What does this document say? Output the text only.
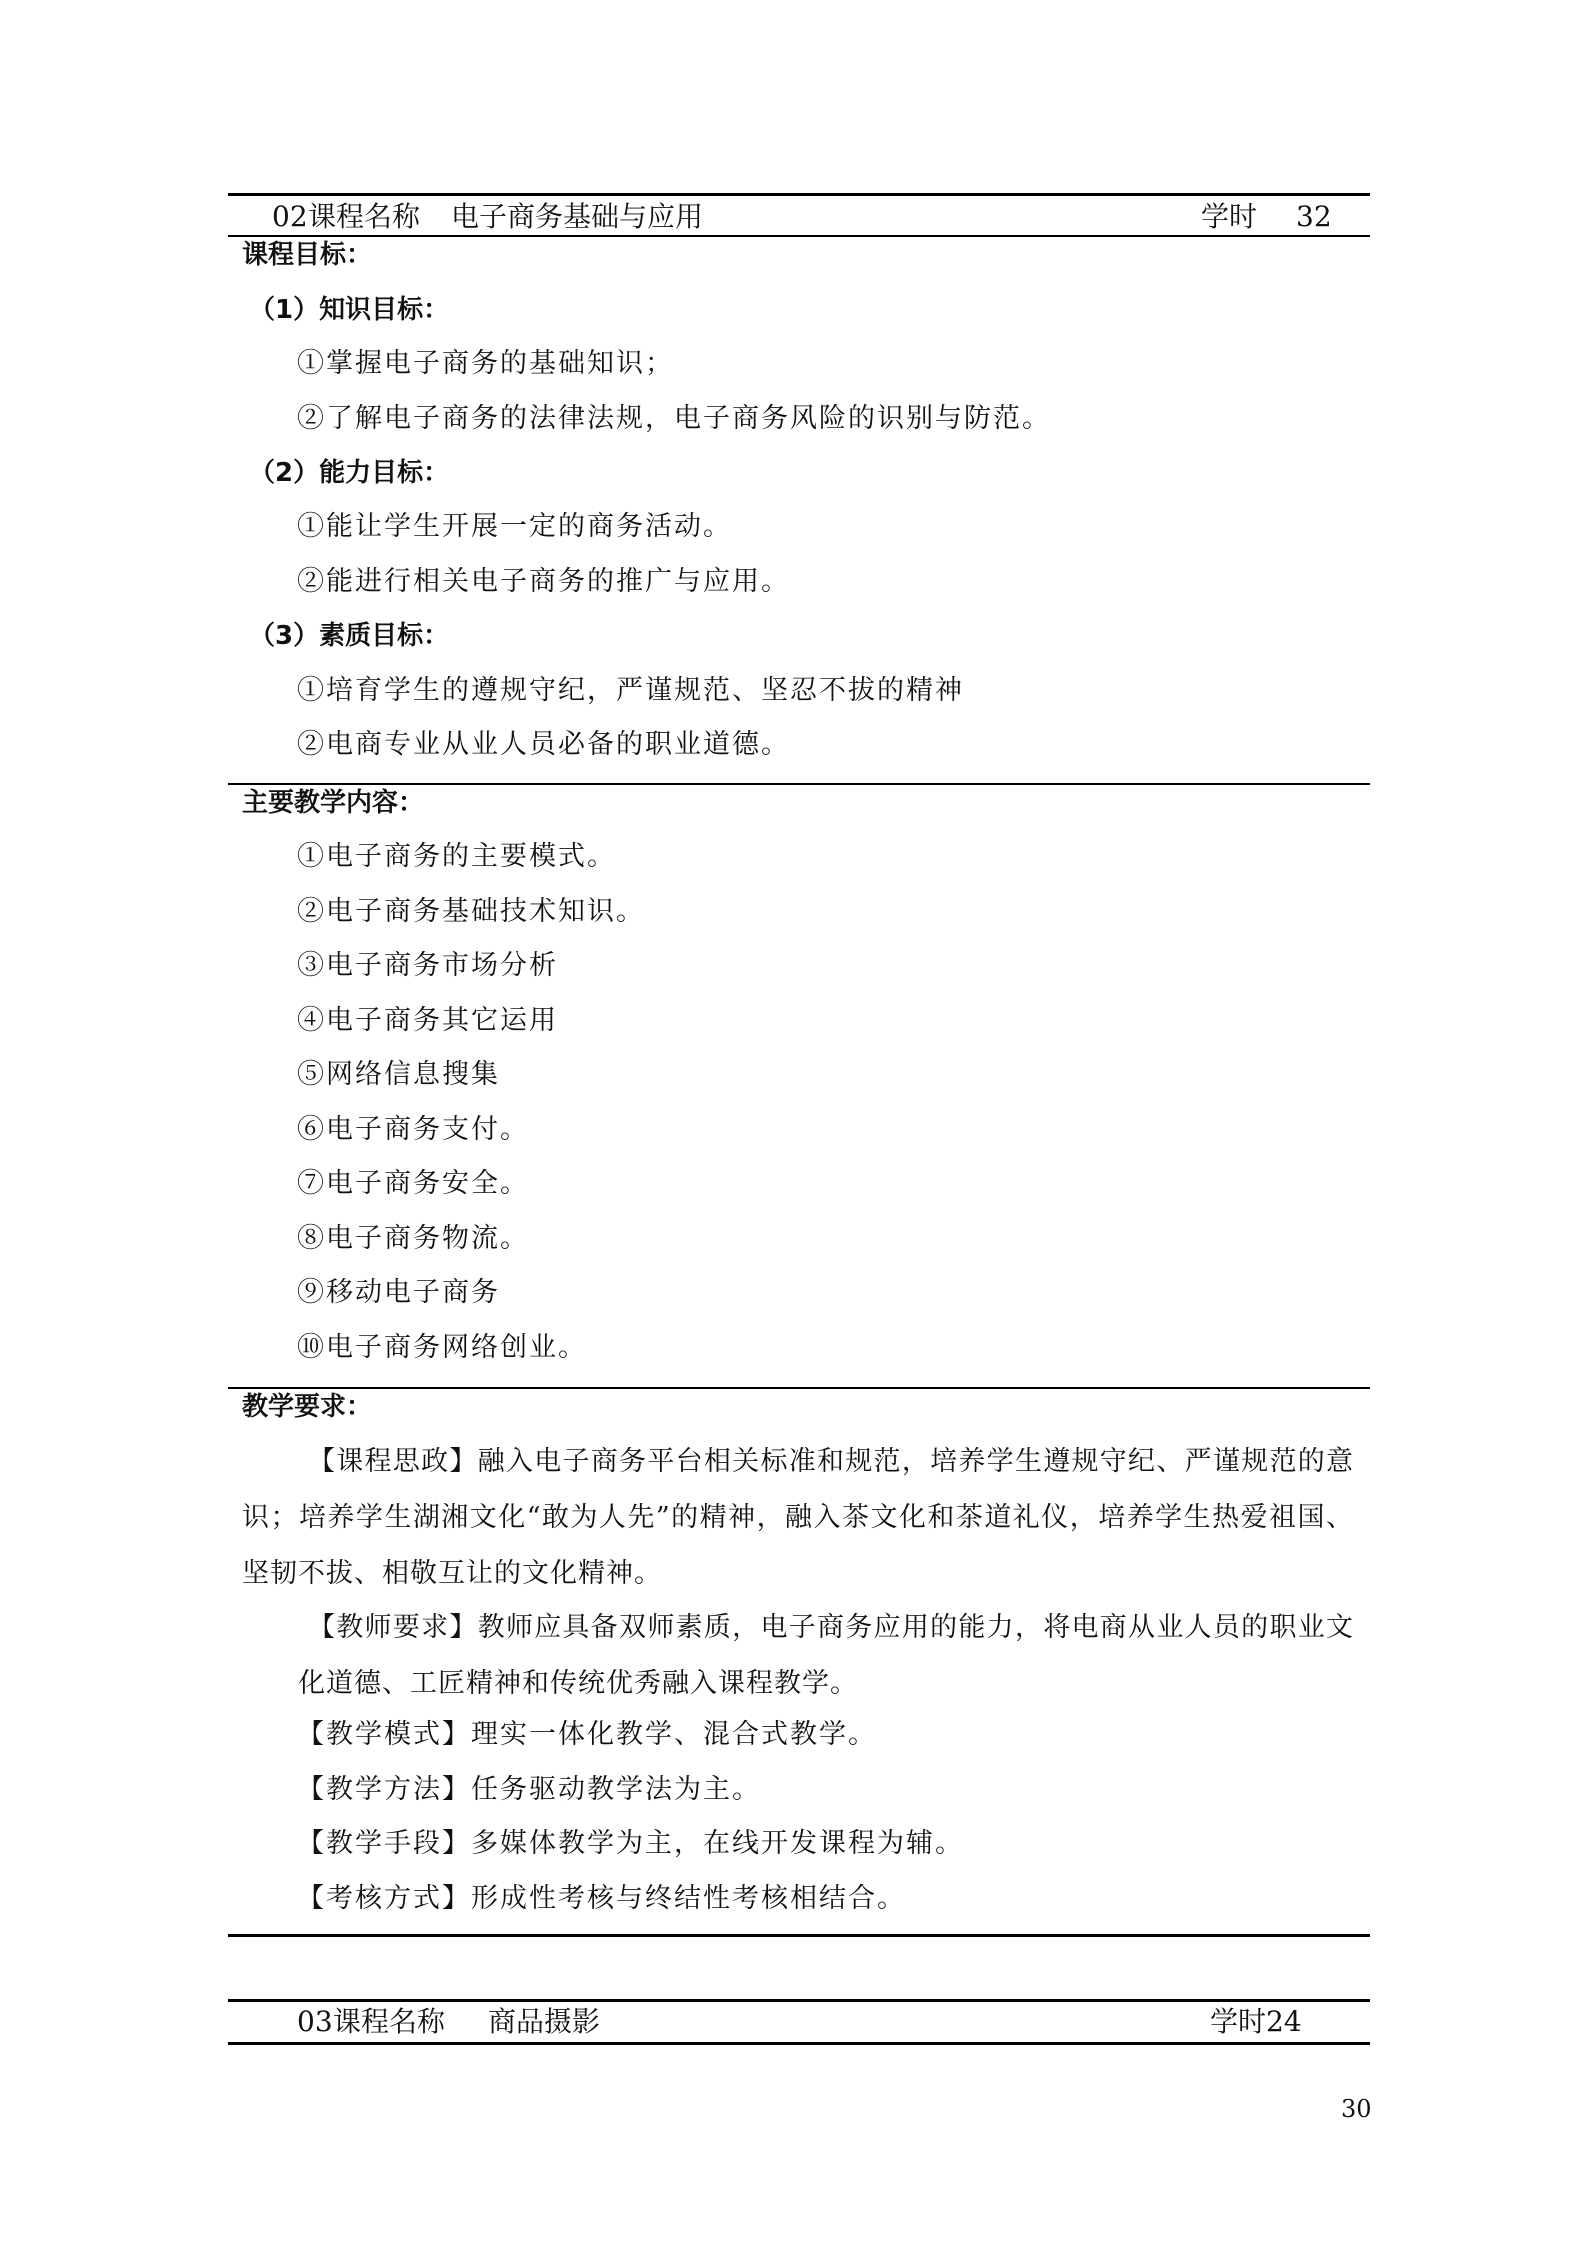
02 课程名称 电子商务基础与应用	学时 32
课程目标：
（1）知识目标：
①掌握电子商务的基础知识；
②了解电子商务的法律法规，电子商务风险的识别与防范。
（2）能力目标：
①能让学生开展一定的商务活动。
②能进行相关电子商务的推广与应用。
（3）素质目标：
①培育学生的遵规守纪，严谨规范、坚忍不拔的精神
②电商专业从业人员必备的职业道德。
主要教学内容：
①电子商务的主要模式。
②电子商务基础技术知识。
③电子商务市场分析
④电子商务其它运用
⑤网络信息搜集
⑥电子商务支付。
⑦电子商务安全。
⑧电子商务物流。
⑨移动电子商务
⑩电子商务网络创业。
教学要求：
【课程思政】融入电子商务平台相关标准和规范，培养学生遵规守纪、严谨规范的意识；培养学生湖湘文化“敢为人先”的精神，融入茶文化和茶道礼仪，培养学生热爱祖国、坚韧不拔、相敬互让的文化精神。
【教师要求】教师应具备双师素质，电子商务应用的能力，将电商从业人员的职业文化道德、工匠精神和传统优秀融入课程教学。
【教学模式】理实一体化教学、混合式教学。
【教学方法】任务驱动教学法为主。
【教学手段】多媒体教学为主，在线开发课程为辅。
【考核方式】形成性考核与终结性考核相结合。
03 课程名称 商品摄影	学时 24
30
